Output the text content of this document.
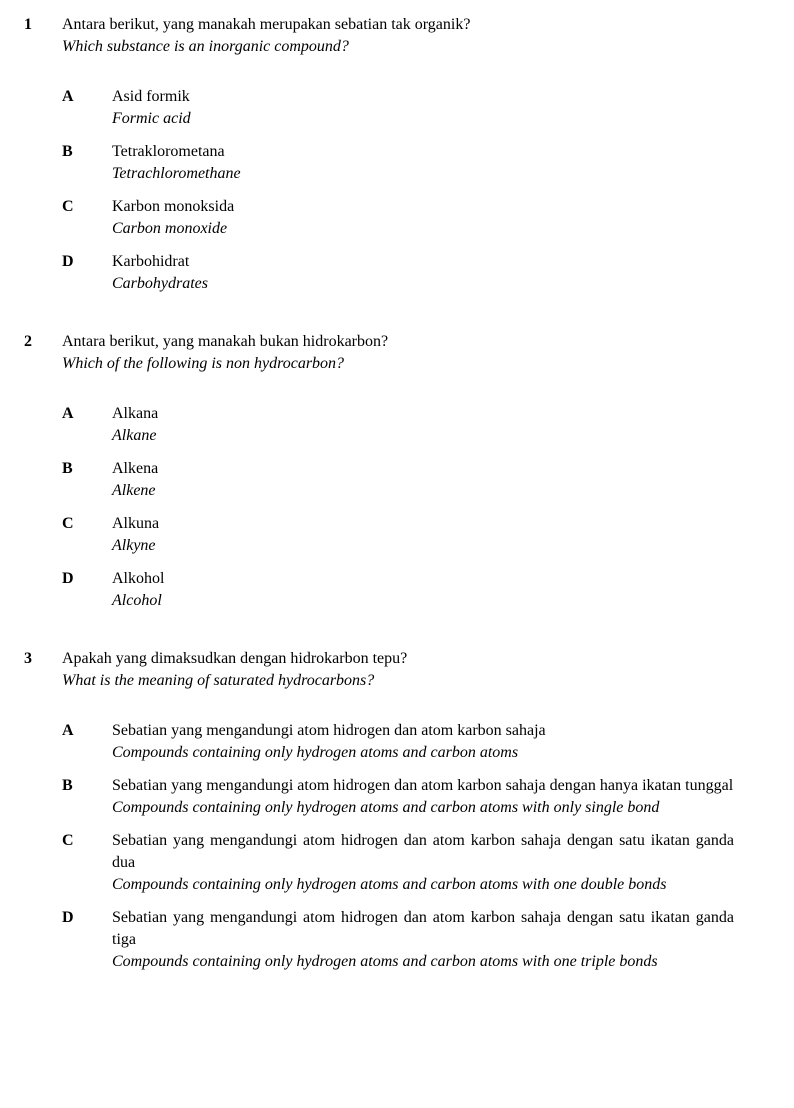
1	Antara berikut, yang manakah merupakan sebatian tak organik?
Which substance is an inorganic compound?
A	Asid formik
Formic acid
B	Tetraklorometana
Tetrachloromethane
C	Karbon monoksida
Carbon monoxide
D	Karbohidrat
Carbohydrates
2	Antara berikut, yang manakah bukan hidrokarbon?
Which of the following is non hydrocarbon?
A	Alkana
Alkane
B	Alkena
Alkene
C	Alkuna
Alkyne
D	Alkohol
Alcohol
3	Apakah yang dimaksudkan dengan hidrokarbon tepu?
What is the meaning of saturated hydrocarbons?
A	Sebatian yang mengandungi atom hidrogen dan atom karbon sahaja
Compounds containing only hydrogen atoms and carbon atoms
B	Sebatian yang mengandungi atom hidrogen dan atom karbon sahaja dengan hanya ikatan tunggal
Compounds containing only hydrogen atoms and carbon atoms with only single bond
C	Sebatian yang mengandungi atom hidrogen dan atom karbon sahaja dengan satu ikatan ganda dua
Compounds containing only hydrogen atoms and carbon atoms with one double bonds
D	Sebatian yang mengandungi atom hidrogen dan atom karbon sahaja dengan satu ikatan ganda tiga
Compounds containing only hydrogen atoms and carbon atoms with one triple bonds
